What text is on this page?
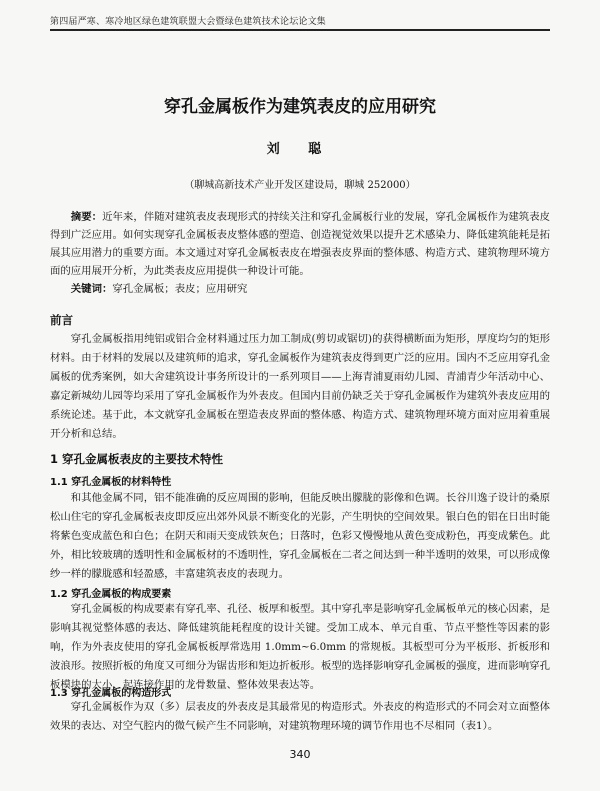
第四届严寒、寒冷地区绿色建筑联盟大会暨绿色建筑技术论坛论文集
穿孔金属板作为建筑表皮的应用研究
刘 聪
（聊城高新技术产业开发区建设局，聊城 252000）
摘要：近年来，伴随对建筑表皮表现形式的持续关注和穿孔金属板行业的发展，穿孔金属板作为建筑表皮得到广泛应用。如何实现穿孔金属板表皮整体感的塑造、创造视觉效果以提升艺术感染力、降低建筑能耗是拓展其应用潜力的重要方面。本文通过对穿孔金属板表皮在增强表皮界面的整体感、构造方式、建筑物理环境方面的应用展开分析，为此类表皮应用提供一种设计可能。
关键词：穿孔金属板；表皮；应用研究
前言
穿孔金属板指用纯铝或铝合金材料通过压力加工制成(剪切或锯切)的获得横断面为矩形，厚度均匀的矩形材料。由于材料的发展以及建筑师的追求，穿孔金属板作为建筑表皮得到更广泛的应用。国内不乏应用穿孔金属板的优秀案例，如大舍建筑设计事务所设计的一系列项目——上海青浦夏雨幼儿园、青浦青少年活动中心、嘉定新城幼儿园等均采用了穿孔金属板作为外表皮。但国内目前仍缺乏关于穿孔金属板作为建筑外表皮应用的系统论述。基于此，本文就穿孔金属板在塑造表皮界面的整体感、构造方式、建筑物理环境方面对应用着重展开分析和总结。
1 穿孔金属板表皮的主要技术特性
1.1 穿孔金属板的材料特性
和其他金属不同，铝不能准确的反应周围的影响，但能反映出朦胧的影像和色调。长谷川逸子设计的桑原松山住宅的穿孔金属板表皮即反应出郊外风景不断变化的光影，产生明快的空间效果。银白色的铝在日出时能将紫色变成蓝色和白色；在阴天和雨天变成铁灰色；日落时，色彩又慢慢地从黄色变成粉色，再变成紫色。此外，相比较玻璃的透明性和金属板材的不透明性，穿孔金属板在二者之间达到一种半透明的效果，可以形成像纱一样的朦胧感和轻盈感，丰富建筑表皮的表现力。
1.2 穿孔金属板的构成要素
穿孔金属板的构成要素有穿孔率、孔径、板厚和板型。其中穿孔率是影响穿孔金属板单元的核心因素，是影响其视觉整体感的表达、降低建筑能耗程度的设计关键。受加工成本、单元自重、节点平整性等因素的影响，作为外表皮使用的穿孔金属板板厚常选用 1.0mm~6.0mm 的常规板。其板型可分为平板形、折板形和波浪形。按照折板的角度又可细分为锯齿形和矩边折板形。板型的选择影响穿孔金属板的强度，进而影响穿孔板模块的大小、起连接作用的龙骨数量、整体效果表达等。
1.3 穿孔金属板的构造形式
穿孔金属板作为双（多）层表皮的外表皮是其最常见的构造形式。外表皮的构造形式的不同会对立面整体效果的表达、对空气腔内的微气候产生不同影响，对建筑物理环境的调节作用也不尽相同（表1）。
340
